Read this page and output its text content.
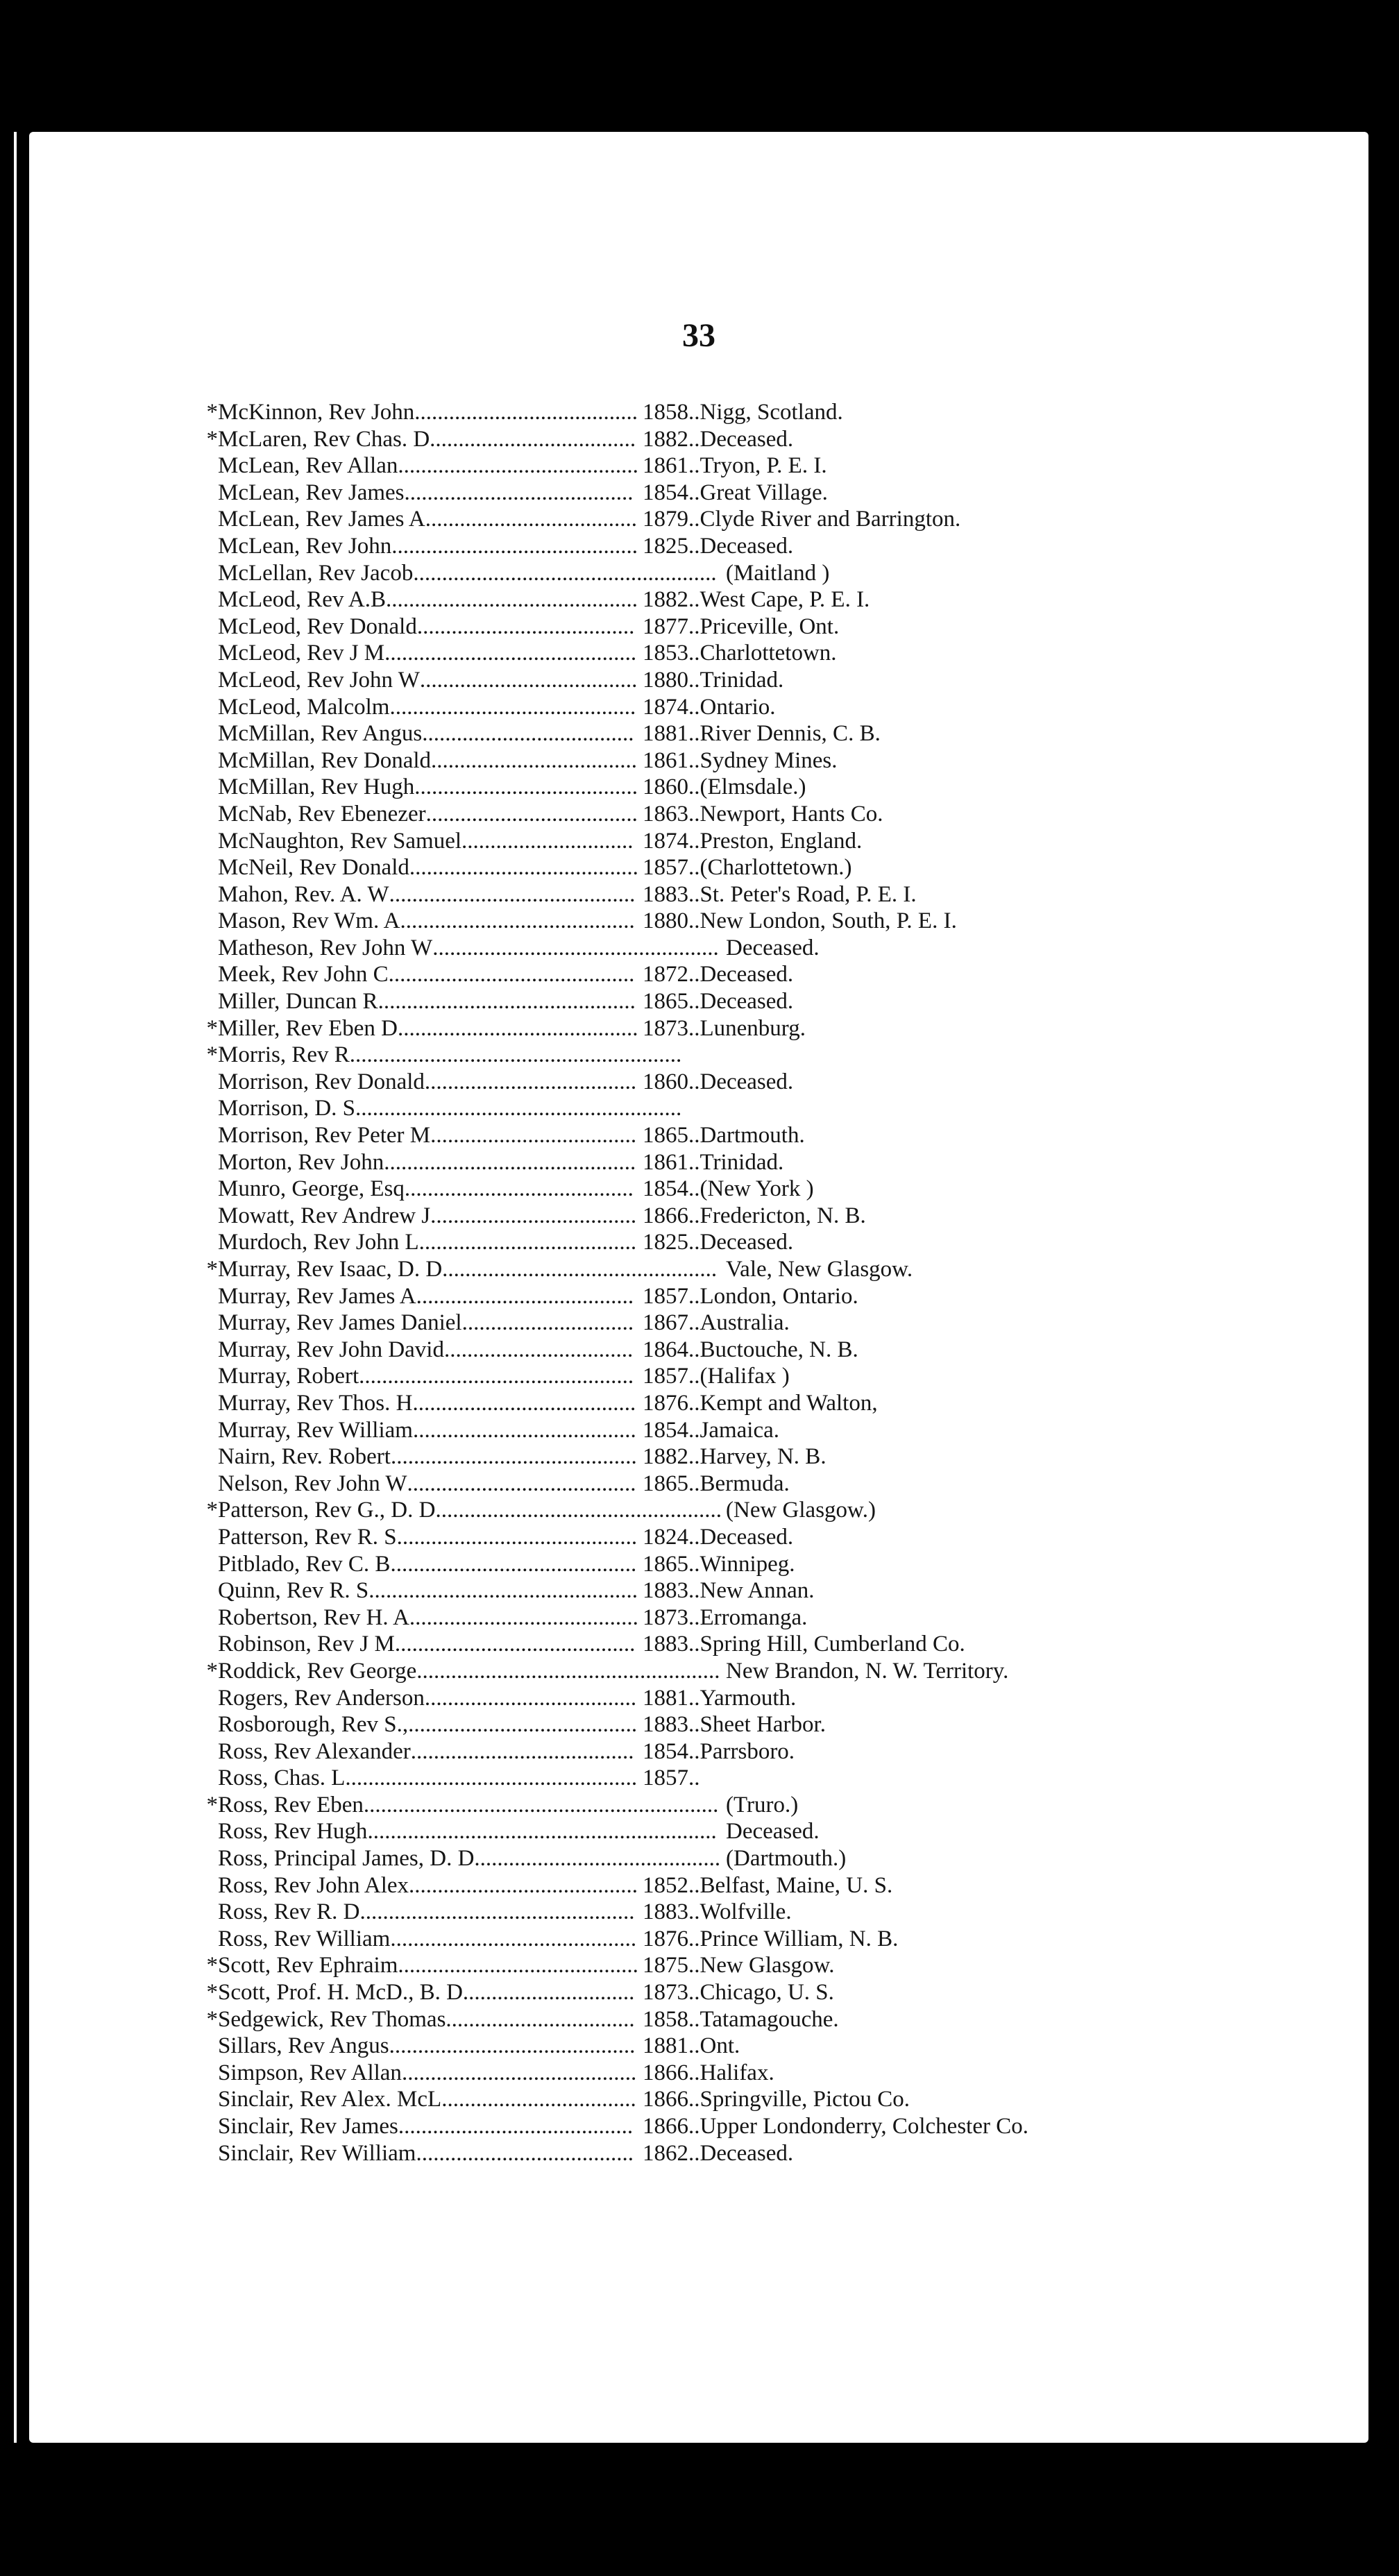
33
*McKinnon, Rev John....................................... 1858..Nigg, Scotland.
*McLaren, Rev Chas. D.................................... 1882..Deceased.
McLean, Rev Allan.......................................... 1861..Tryon, P. E. I.
McLean, Rev James........................................ 1854..Great Village.
McLean, Rev James A..................................... 1879..Clyde River and Barrington.
McLean, Rev John........................................... 1825..Deceased.
McLellan, Rev Jacob..................................................... (Maitland )
McLeod, Rev A.B............................................ 1882..West Cape, P. E. I.
McLeod, Rev Donald...................................... 1877..Priceville, Ont.
McLeod, Rev J M............................................ 1853..Charlottetown.
McLeod, Rev John W...................................... 1880..Trinidad.
McLeod, Malcolm........................................... 1874..Ontario.
McMillan, Rev Angus..................................... 1881..River Dennis, C. B.
McMillan, Rev Donald.................................... 1861..Sydney Mines.
McMillan, Rev Hugh....................................... 1860..(Elmsdale.)
McNab, Rev Ebenezer..................................... 1863..Newport, Hants Co.
McNaughton, Rev Samuel.............................. 1874..Preston, England.
McNeil, Rev Donald........................................ 1857..(Charlottetown.)
Mahon, Rev. A. W........................................... 1883..St. Peter's Road, P. E. I.
Mason, Rev Wm. A......................................... 1880..New London, South, P. E. I.
Matheson, Rev John W.................................................. Deceased.
Meek, Rev John C........................................... 1872..Deceased.
Miller, Duncan R............................................. 1865..Deceased.
*Miller, Rev Eben D.......................................... 1873..Lunenburg.
*Morris, Rev R..........................................................
Morrison, Rev Donald..................................... 1860..Deceased.
Morrison, D. S.........................................................
Morrison, Rev Peter M.................................... 1865..Dartmouth.
Morton, Rev John............................................ 1861..Trinidad.
Munro, George, Esq........................................ 1854..(New York )
Mowatt, Rev Andrew J.................................... 1866..Fredericton, N. B.
Murdoch, Rev John L...................................... 1825..Deceased.
*Murray, Rev Isaac, D. D................................................ Vale, New Glasgow.
Murray, Rev James A...................................... 1857..London, Ontario.
Murray, Rev James Daniel.............................. 1867..Australia.
Murray, Rev John David................................. 1864..Buctouche, N. B.
Murray, Robert................................................ 1857..(Halifax )
Murray, Rev Thos. H....................................... 1876..Kempt and Walton,
Murray, Rev William....................................... 1854..Jamaica.
Nairn, Rev. Robert........................................... 1882..Harvey, N. B.
Nelson, Rev John W........................................ 1865..Bermuda.
*Patterson, Rev G., D. D.................................................. (New Glasgow.)
Patterson, Rev R. S.......................................... 1824..Deceased.
Pitblado, Rev C. B........................................... 1865..Winnipeg.
Quinn, Rev R. S............................................... 1883..New Annan.
Robertson, Rev H. A........................................ 1873..Erromanga.
Robinson, Rev J M.......................................... 1883..Spring Hill, Cumberland Co.
*Roddick, Rev George..................................................... New Brandon, N. W. Territory.
Rogers, Rev Anderson..................................... 1881..Yarmouth.
Rosborough, Rev S.,........................................ 1883..Sheet Harbor.
Ross, Rev Alexander....................................... 1854..Parrsboro.
Ross, Chas. L................................................... 1857..
*Ross, Rev Eben.............................................................. (Truro.)
Ross, Rev Hugh............................................................. Deceased.
Ross, Principal James, D. D........................................... (Dartmouth.)
Ross, Rev John Alex........................................ 1852..Belfast, Maine, U. S.
Ross, Rev R. D................................................ 1883..Wolfville.
Ross, Rev William........................................... 1876..Prince William, N. B.
*Scott, Rev Ephraim.......................................... 1875..New Glasgow.
*Scott, Prof. H. McD., B. D.............................. 1873..Chicago, U. S.
*Sedgewick, Rev Thomas................................. 1858..Tatamagouche.
Sillars, Rev Angus........................................... 1881..Ont.
Simpson, Rev Allan......................................... 1866..Halifax.
Sinclair, Rev Alex. McL.................................. 1866..Springville, Pictou Co.
Sinclair, Rev James......................................... 1866..Upper Londonderry, Colchester Co.
Sinclair, Rev William...................................... 1862..Deceased.
